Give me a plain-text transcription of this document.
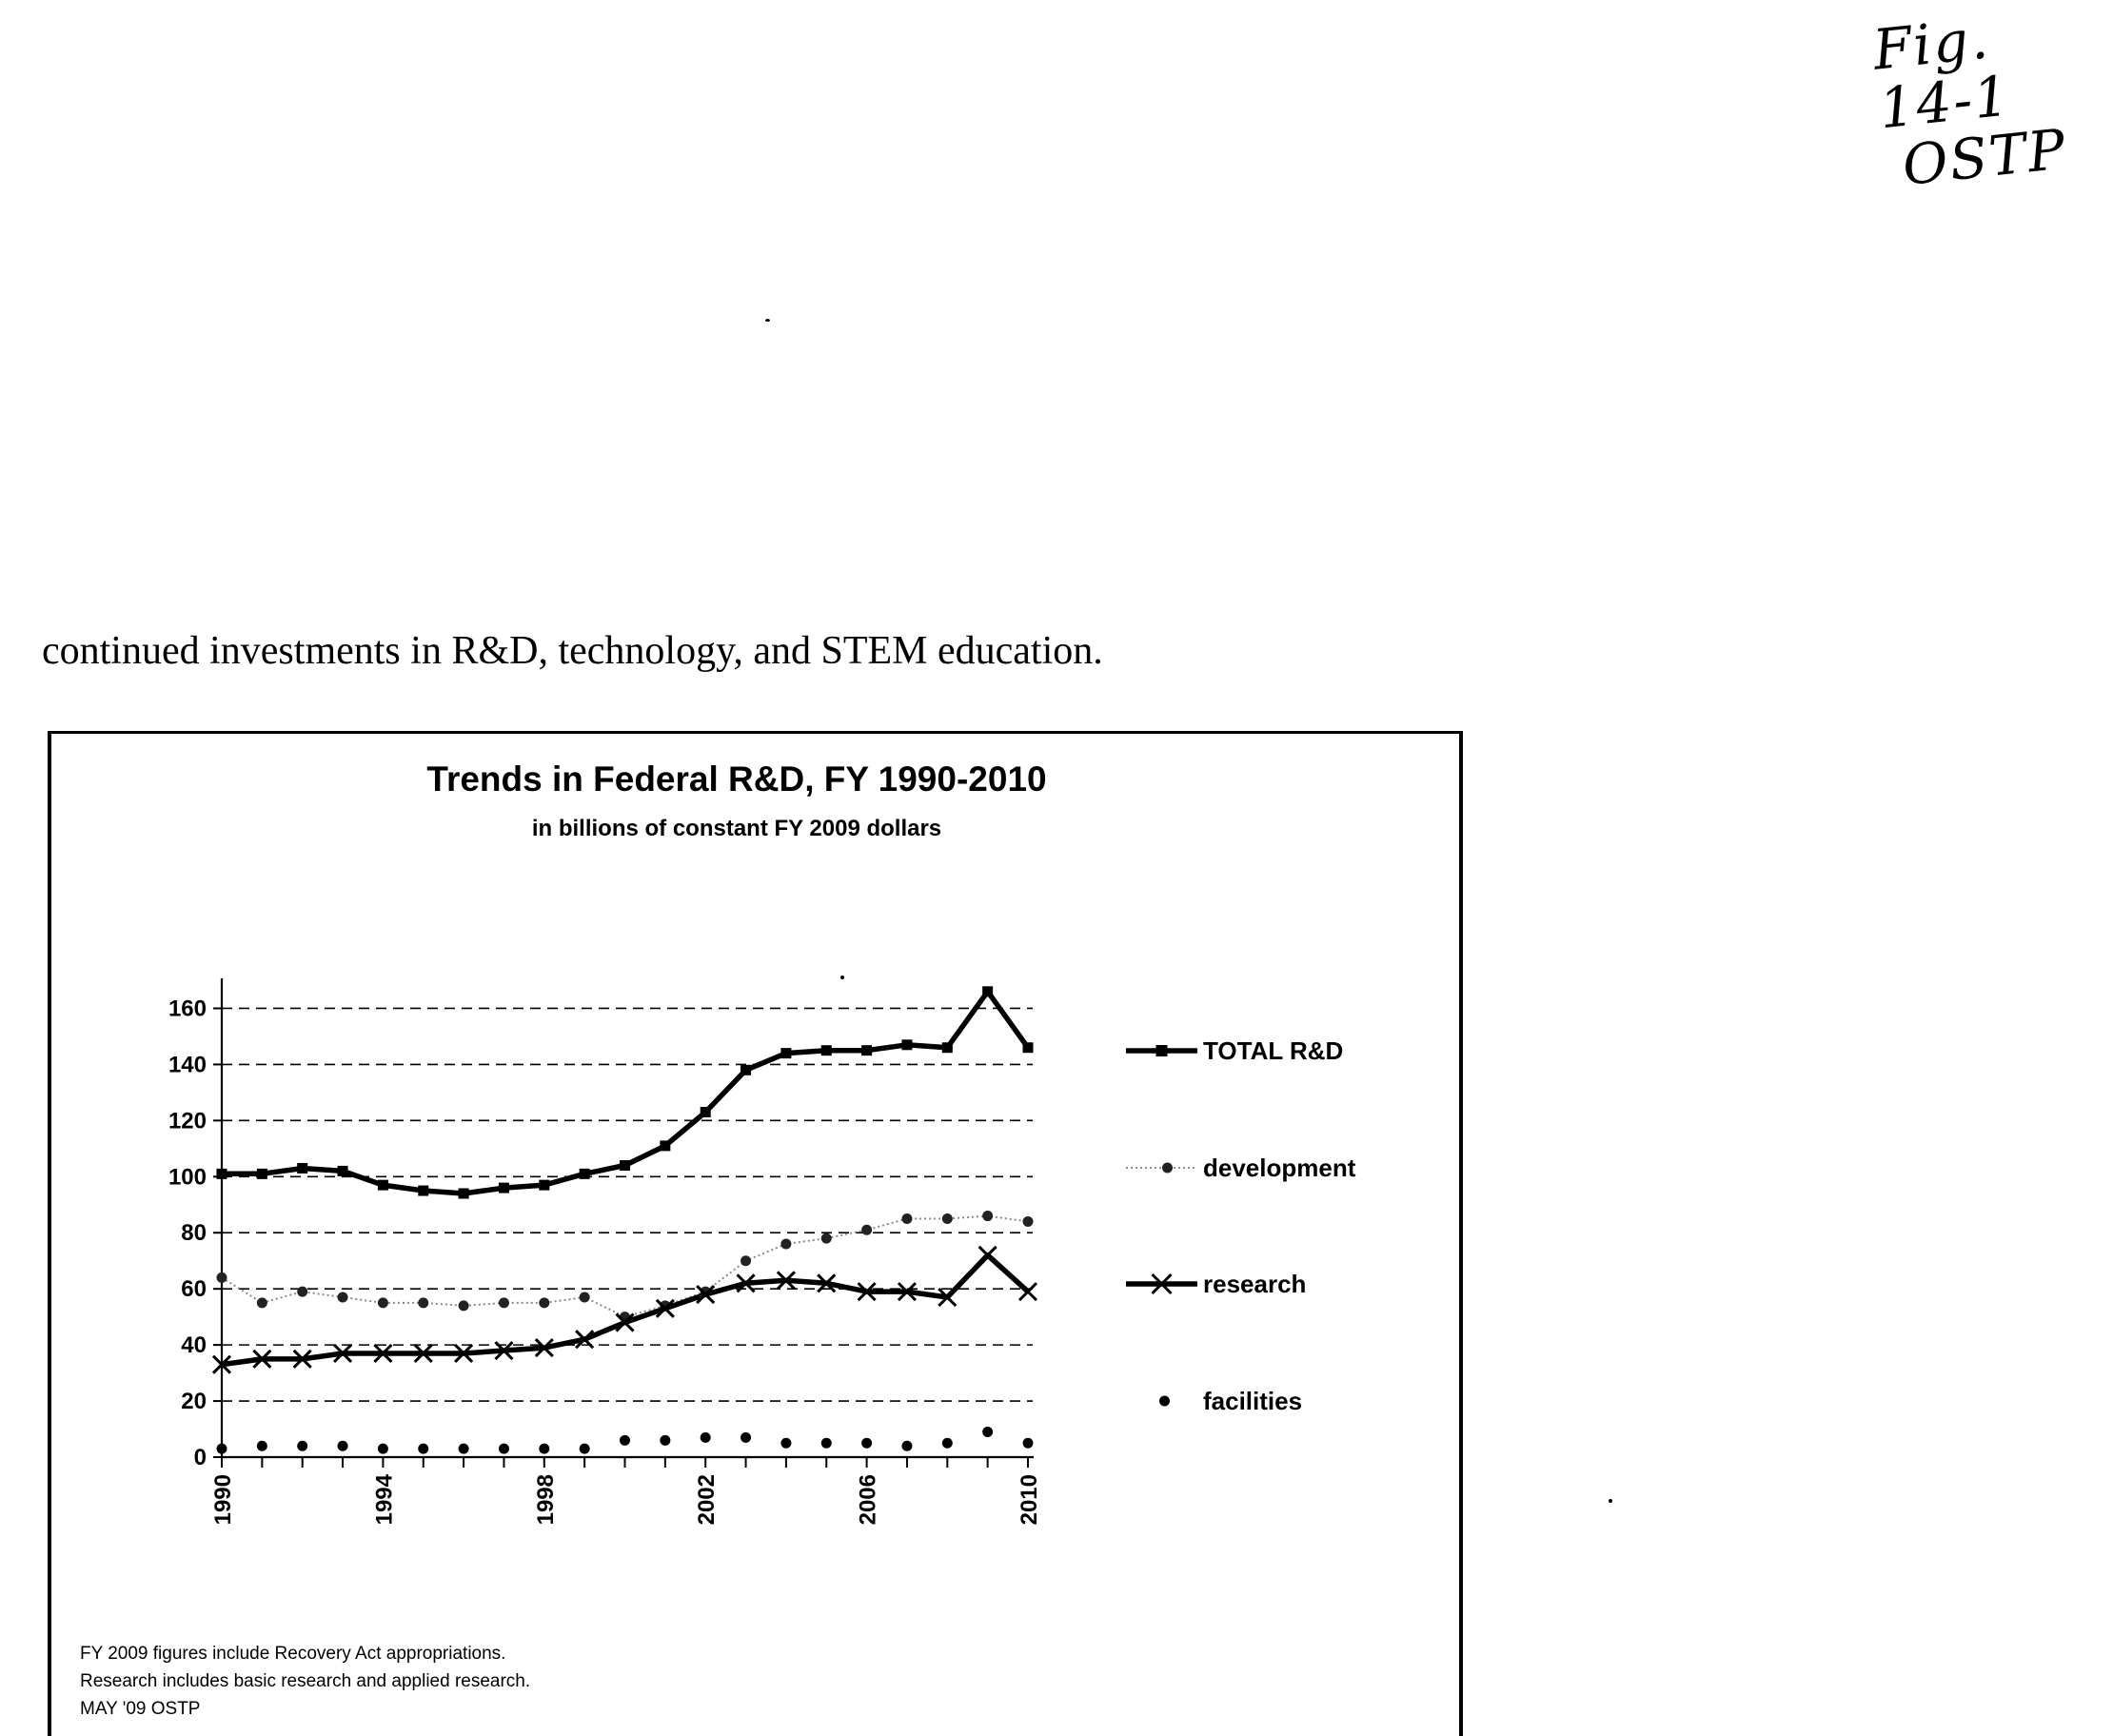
Fig. 14-1
OSTP
continued investments in R&D, technology, and STEM education.
Trends in Federal R&D, FY 1990-2010
in billions of constant FY 2009 dollars
0
20
40
60
80
100
120
140
160
1990	1994	1998	2002	2006	2010
TOTAL R&D
development
research
facilities
FY 2009 figures include Recovery Act appropriations.
Research includes basic research and applied research.
MAY '09 OSTP
